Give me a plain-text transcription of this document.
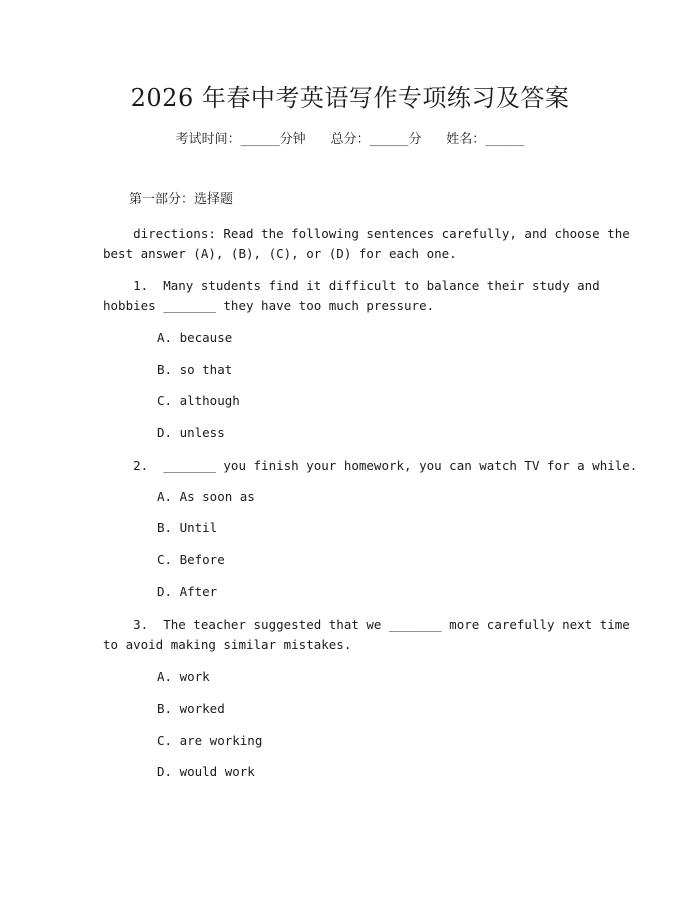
2026 年春中考英语写作专项练习及答案
考试时间：______分钟 总分：______分 姓名：______
第一部分：选择题
directions: Read the following sentences carefully, and choose the
best answer (A), (B), (C), or (D) for each one.
1.  Many students find it difficult to balance their study and
hobbies _______ they have too much pressure.
A. because
B. so that
C. although
D. unless
2.  _______ you finish your homework, you can watch TV for a while.
A. As soon as
B. Until
C. Before
D. After
3.  The teacher suggested that we _______ more carefully next time
to avoid making similar mistakes.
A. work
B. worked
C. are working
D. would work
